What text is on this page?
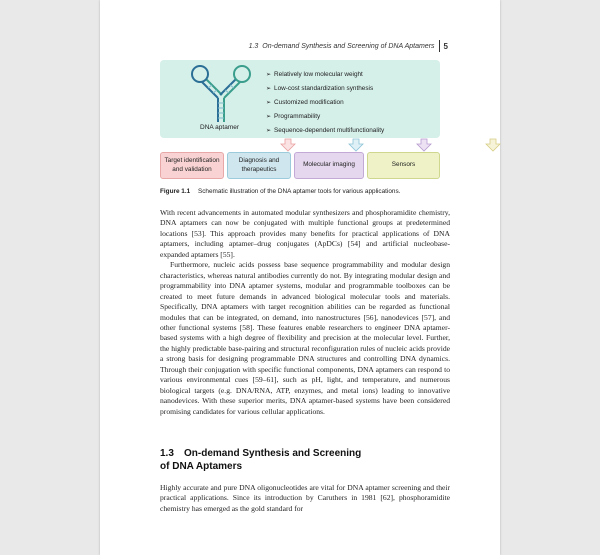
1.3 On-demand Synthesis and Screening of DNA Aptamers 5
DNA aptamer
➢ Relatively low molecular weight
➢ Low-cost standardization synthesis
➢ Customized modification
➢ Programmability
➢ Sequence-dependent multifunctionality
Target identification and validation
Diagnosis and therapeutics
Molecular imaging	Sensors
Figure 1.1 Schematic illustration of the DNA aptamer tools for various applications.

With recent advancements in automated modular synthesizers and phosphoramidite chemistry, DNA aptamers can now be conjugated with multiple functional groups at predetermined locations [53]. This approach provides many benefits for practical applications of DNA aptamers, including aptamer–drug conjugates (ApDCs) [54] and artificial nucleobase-expanded aptamers [55].

Furthermore, nucleic acids possess base sequence programmability and modular design characteristics, whereas natural antibodies currently do not. By integrating modular design and programmability into DNA aptamer systems, modular and programmable toolboxes can be created to meet future demands in advanced biological molecular tools and materials. Specifically, DNA aptamers with target recognition abilities can be regarded as functional modules that can be integrated, on demand, into nanostructures [56], nanodevices [57], and other functional systems [58]. These features enable researchers to engineer DNA aptamer-based systems with a high degree of flexibility and precision at the molecular level. Further, the highly predictable base-pairing and structural reconfiguration rules of nucleic acids provide a strong basis for designing programmable DNA structures and controlling DNA dynamics. Through their conjugation with specific functional components, DNA aptamers can respond to various environmental cues [59–61], such as pH, light, and temperature, and numerous biological targets (e.g. DNA/RNA, ATP, enzymes, and metal ions) leading to innovative nanodevices. With these superior merits, DNA aptamer-based systems have been considered promising candidates for various cellular applications.

1.3 On-demand Synthesis and Screening
of DNA Aptamers

Highly accurate and pure DNA oligonucleotides are vital for DNA aptamer screening and their practical applications. Since its introduction by Caruthers in 1981 [62], phosphoramidite chemistry has emerged as the gold standard for
